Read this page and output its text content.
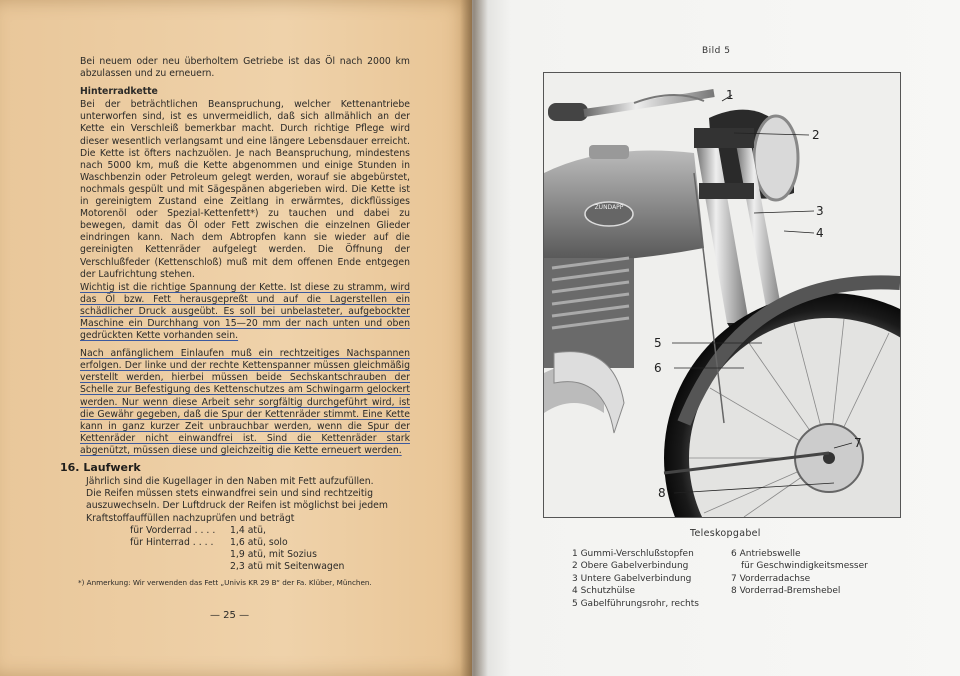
Bei neuem oder neu überholtem Getriebe ist das Öl nach 2000 km abzulassen und zu erneuern.

Hinterradkette

Bei der beträchtlichen Beanspruchung, welcher Kettenantriebe unterworfen sind, ist es unvermeidlich, daß sich allmählich an der Kette ein Verschleiß bemerkbar macht. Durch richtige Pflege wird dieser wesentlich verlangsamt und eine längere Lebensdauer erreicht. Die Kette ist öfters nachzuölen. Je nach Beanspruchung, mindestens nach 5000 km, muß die Kette abgenommen und einige Stunden in Waschbenzin oder Petroleum gelegt werden, worauf sie abgebürstet, nochmals gespült und mit Sägespänen abgerieben wird. Die Kette ist in gereinigtem Zustand eine Zeitlang in erwärmtes, dickflüssiges Motorenöl oder Spezial-Kettenfett*) zu tauchen und dabei zu bewegen, damit das Öl oder Fett zwischen die einzelnen Glieder eindringen kann. Nach dem Abtropfen kann sie wieder auf die gereinigten Kettenräder aufgelegt werden. Die Öffnung der Verschlußfeder (Kettenschloß) muß mit dem offenen Ende entgegen der Laufrichtung stehen.

Wichtig ist die richtige Spannung der Kette. Ist diese zu stramm, wird das Öl bzw. Fett herausgepreßt und auf die Lagerstellen ein schädlicher Druck ausgeübt. Es soll bei unbelasteter, aufgebockter Maschine ein Durchhang von 15—20 mm der nach unten und oben gedrückten Kette vorhanden sein.

Nach anfänglichem Einlaufen muß ein rechtzeitiges Nachspannen erfolgen. Der linke und der rechte Kettenspanner müssen gleichmäßig verstellt werden, hierbei müssen beide Sechskantschrauben der Schelle zur Befestigung des Kettenschutzes am Schwingarm gelockert werden. Nur wenn diese Arbeit sehr sorgfältig durchgeführt wird, ist die Gewähr gegeben, daß die Spur der Kettenräder stimmt. Eine Kette kann in ganz kurzer Zeit unbrauchbar werden, wenn die Spur der Kettenräder nicht einwandfrei ist. Sind die Kettenräder stark abgenützt, müssen diese und gleichzeitig die Kette erneuert werden.

16. Laufwerk
Jährlich sind die Kugellager in den Naben mit Fett aufzufüllen.
Die Reifen müssen stets einwandfrei sein und sind rechtzeitig auszuwechseln. Der Luftdruck der Reifen ist möglichst bei jedem Kraftstoffauffüllen nachzuprüfen und beträgt
für Vorderrad . . . .	1,4 atü,
für Hinterrad . . . .	1,6 atü, solo
1,9 atü, mit Sozius
2,3 atü mit Seitenwagen
*) Anmerkung: Wir verwenden das Fett „Univis KR 29 B“ der Fa. Klüber, München.
— 25 —
Bild 5
ZÜNDAPP
1
2
3
4
5
6
7
8
Teleskopgabel
1 Gummi-Verschlußstopfen
2 Obere Gabelverbindung
3 Untere Gabelverbindung
4 Schutzhülse
5 Gabelführungsrohr, rechts
6 Antriebswelle
für Geschwindigkeitsmesser
7 Vorderradachse
8 Vorderrad-Bremshebel
